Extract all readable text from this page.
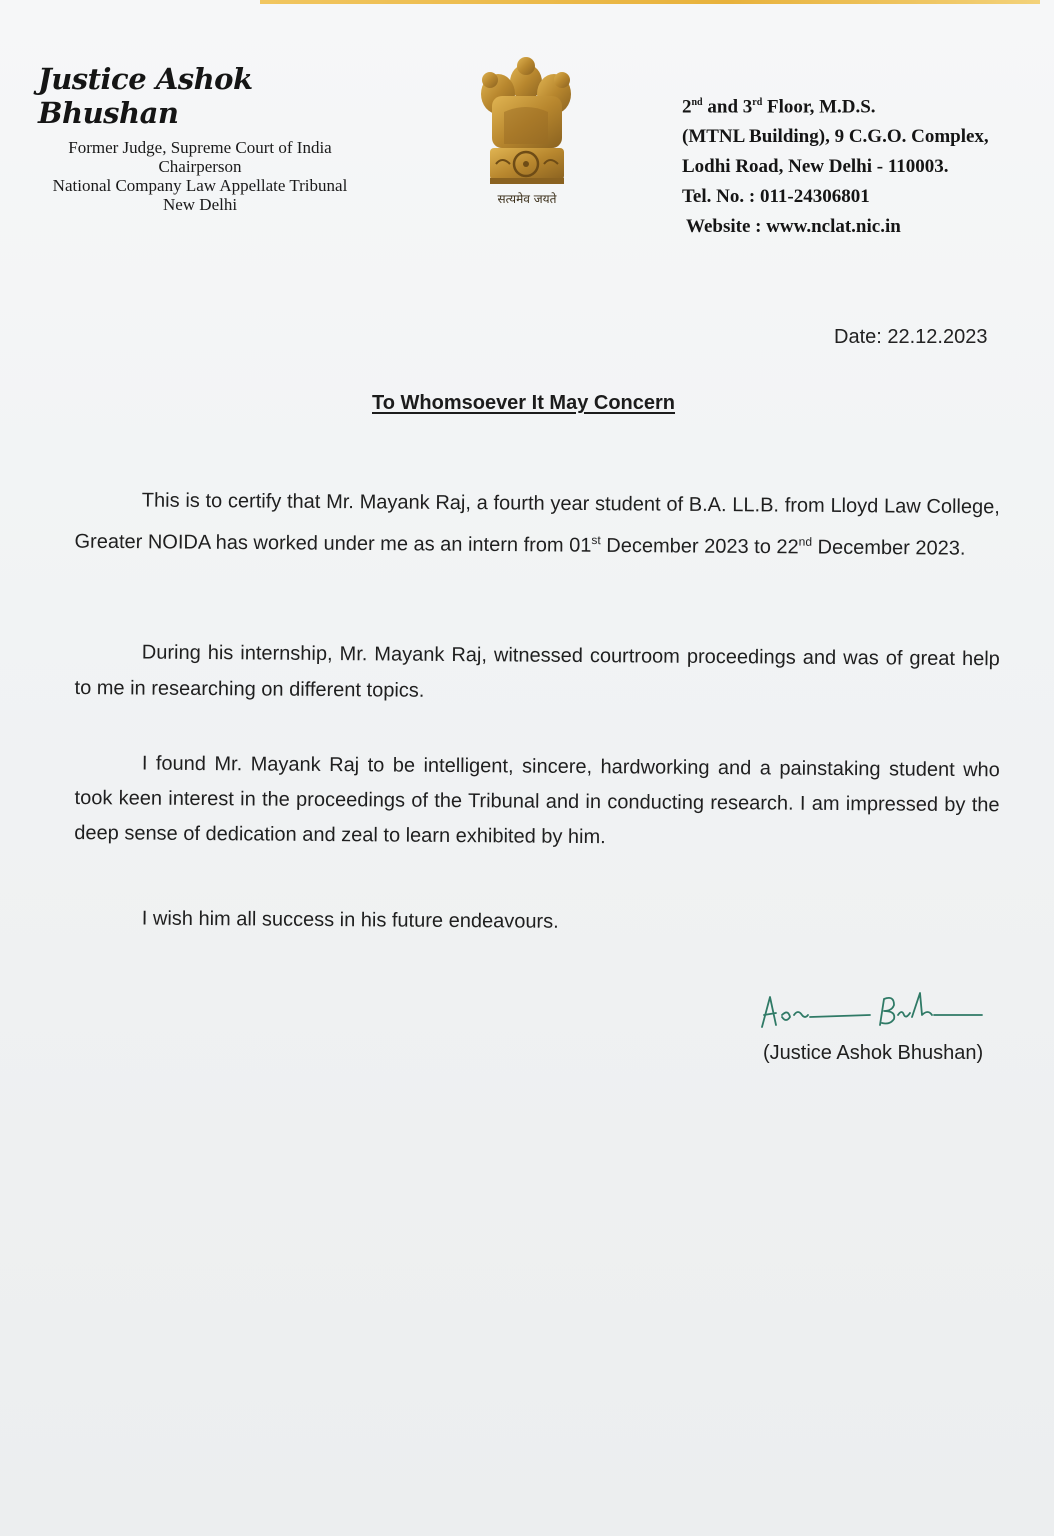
Justice Ashok Bhushan
Former Judge, Supreme Court of India
Chairperson
National Company Law Appellate Tribunal
New Delhi	सत्यमेव जयते
2nd and 3rd Floor, M.D.S.
(MTNL Building), 9 C.G.O. Complex,
Lodhi Road, New Delhi - 110003.
Tel. No. : 011-24306801
Website : www.nclat.nic.in
Date: 22.12.2023
To Whomsoever It May Concern

This is to certify that Mr. Mayank Raj, a fourth year student of B.A. LL.B. from Lloyd Law College, Greater NOIDA has worked under me as an intern from 01st December 2023 to 22nd December 2023.

During his internship, Mr. Mayank Raj, witnessed courtroom proceedings and was of great help to me in researching on different topics.

I found Mr. Mayank Raj to be intelligent, sincere, hardworking and a painstaking student who took keen interest in the proceedings of the Tribunal and in conducting research. I am impressed by the deep sense of dedication and zeal to learn exhibited by him.

I wish him all success in his future endeavours.

(Justice Ashok Bhushan)
